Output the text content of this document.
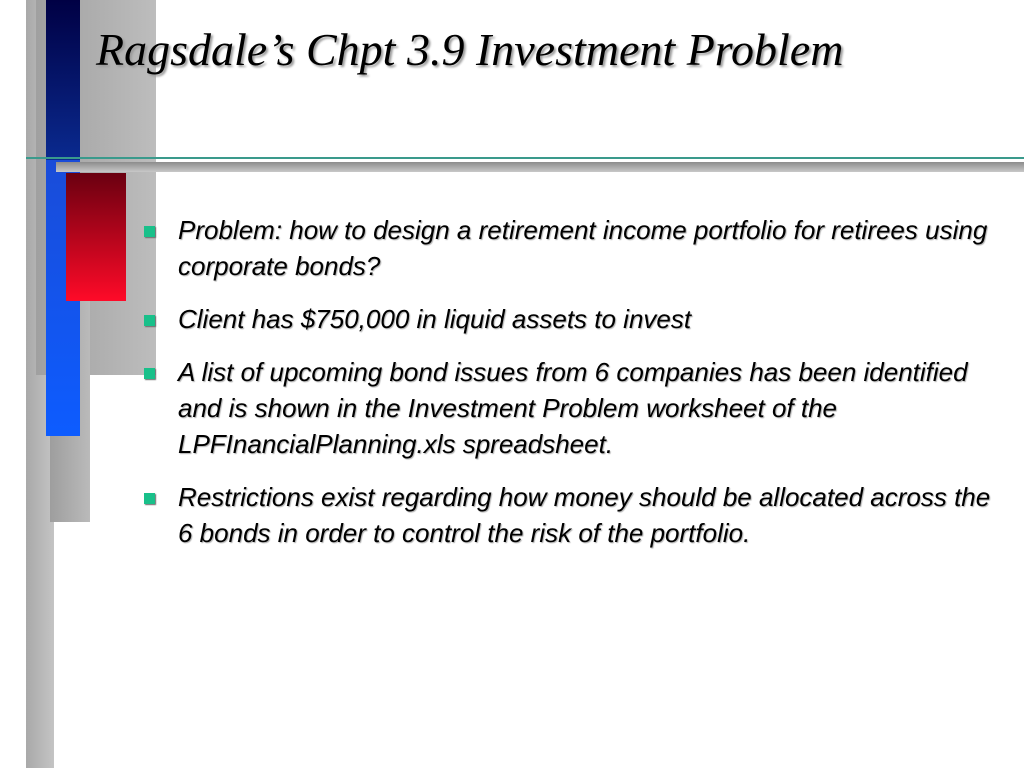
Ragsdale’s Chpt 3.9 Investment Problem
Problem: how to design a retirement income portfolio for retirees using corporate bonds?
Client has $750,000 in liquid assets to invest
A list of upcoming bond issues from 6 companies has been identified and is shown in the Investment Problem worksheet of the LPFInancialPlanning.xls spreadsheet.
Restrictions exist regarding how money should be allocated across the 6 bonds in order to control the risk of the portfolio.
